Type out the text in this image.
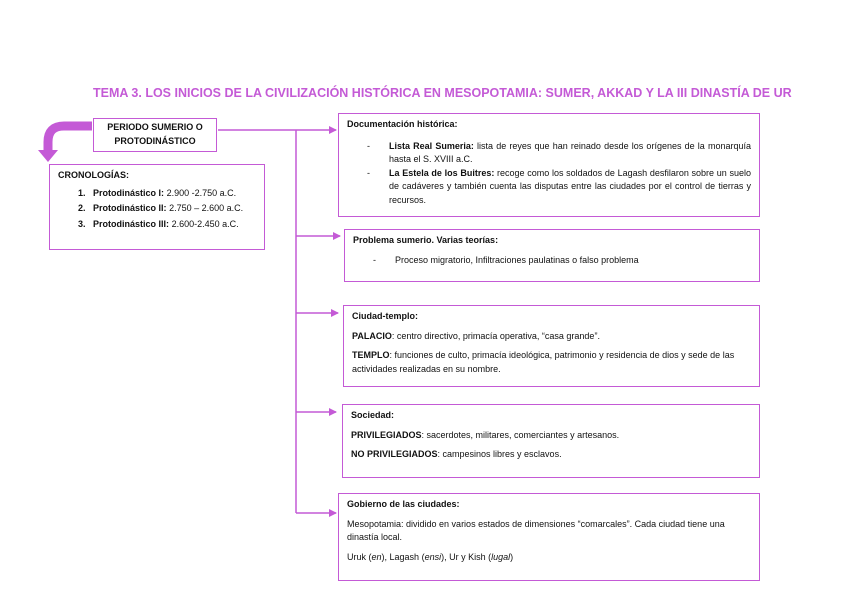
TEMA 3. LOS INICIOS DE LA CIVILIZACIÓN HISTÓRICA EN MESOPOTAMIA: SUMER, AKKAD Y LA III DINASTÍA DE UR
PERIODO SUMERIO O PROTODINÁSTICO
CRONOLOGÍAS:
1. Protodinástico I: 2.900 -2.750 a.C.
2. Protodinástico II: 2.750 – 2.600 a.C.
3. Protodinástico III: 2.600-2.450 a.C.
Documentación histórica:
- Lista Real Sumeria: lista de reyes que han reinado desde los orígenes de la monarquía hasta el S. XVIII a.C.
- La Estela de los Buitres: recoge como los soldados de Lagash desfilaron sobre un suelo de cadáveres y también cuenta las disputas entre las ciudades por el control de tierras y recursos.
Problema sumerio. Varias teorías:
- Proceso migratorio, Infiltraciones paulatinas o falso problema
Ciudad-templo:

PALACIO: centro directivo, primacía operativa, “casa grande”.

TEMPLO: funciones de culto, primacía ideológica, patrimonio y residencia de dios y sede de las actividades realizadas en su nombre.

Sociedad:

PRIVILEGIADOS: sacerdotes, militares, comerciantes y artesanos.

NO PRIVILEGIADOS: campesinos libres y esclavos.

Gobierno de las ciudades:

Mesopotamia: dividido en varios estados de dimensiones “comarcales”. Cada ciudad tiene una dinastía local.

Uruk (en), Lagash (ensi), Ur y Kish (lugal)
